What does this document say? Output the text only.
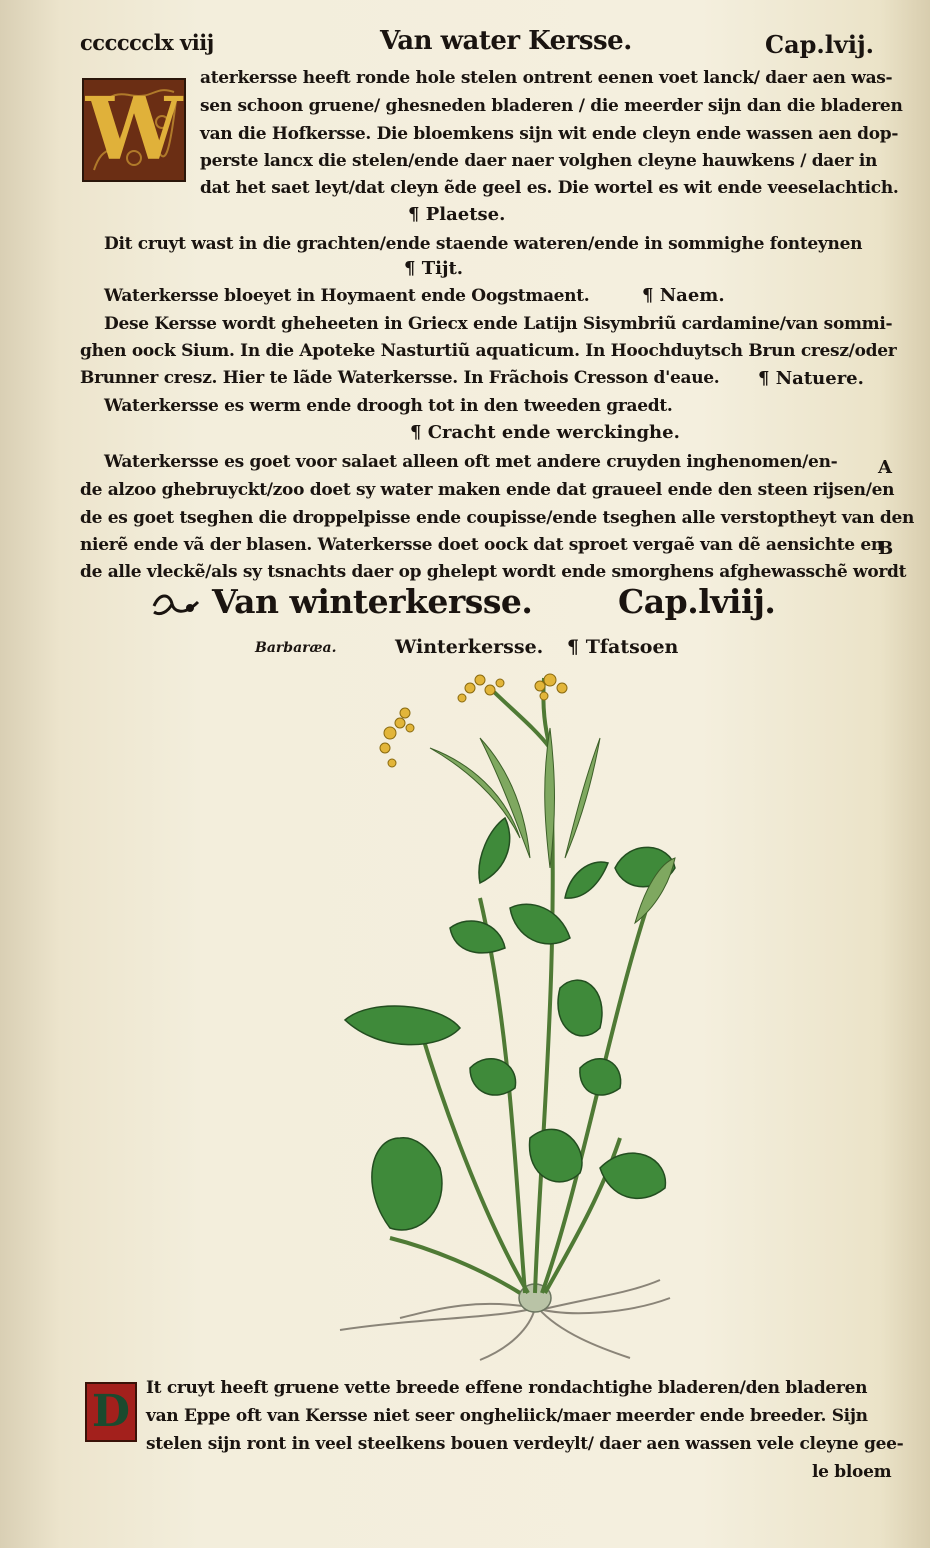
cccccclx viij	Van water Kersse.	Cap.lvij.
W
aterkersse heeft ronde hole stelen ontrent eenen voet lanck/ daer aen was-
sen schoon gruene/ ghesneden bladeren / die meerder sijn dan die bladeren
van die Hofkersse. Die bloemkens sijn wit ende cleyn ende wassen aen dop-
perste lancx die stelen/ende daer naer volghen cleyne hauwkens / daer in
dat het saet leyt/dat cleyn ẽde geel es. Die wortel es wit ende veeselachtich.
¶ Plaetse.
Dit cruyt wast in die grachten/ende staende wateren/ende in sommighe fonteynen
¶ Tijt.
Waterkersse bloeyet in Hoymaent ende Oogstmaent.	¶ Naem.
Dese Kersse wordt gheheeten in Griecx ende Latijn Sisymbriũ cardamine/van sommi-
ghen oock Sium. In die Apoteke Nasturtiũ aquaticum. In Hoochduytsch Brun cresz/oder
Brunner cresz. Hier te lãde Waterkersse. In Frãchois Cresson d'eaue. ¶ Natuere.
Waterkersse es werm ende droogh tot in den tweeden graedt.
¶ Cracht ende werckinghe.
Waterkersse es goet voor salaet alleen oft met andere cruyden inghenomen/en-
de alzoo ghebruyckt/zoo doet sy water maken ende dat graueel ende den steen rijsen/en
de es goet tseghen die droppelpisse ende coupisse/ende tseghen alle verstoptheyt van den
nierẽ ende vã der blasen. Waterkersse doet oock dat sproet vergaẽ van dẽ aensichte en
de alle vleckẽ/als sy tsnachts daer op ghelept wordt ende smorghens afghewasschẽ wordt
A
B
Van winterkersse.	Cap.lviij.
Barbaræa.	Winterkersse. ¶ Tfatsoen
D It cruyt heeft gruene vette breede effene rondachtighe bladeren/den bladeren
van Eppe oft van Kersse niet seer ongheliick/maer meerder ende breeder. Sijn
stelen sijn ront in veel steelkens bouen verdeylt/ daer aen wassen vele cleyne gee-
le bloem
